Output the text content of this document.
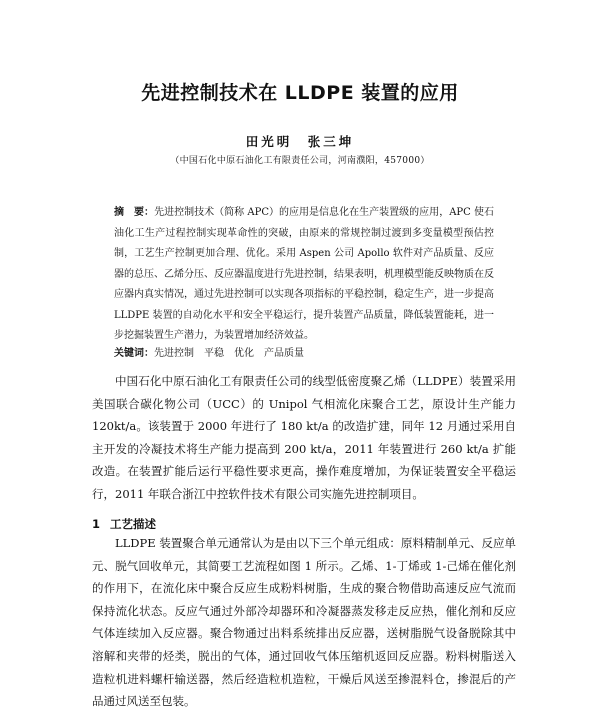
先进控制技术在 LLDPE 装置的应用
田光明　张三坤
（中国石化中原石油化工有限责任公司，河南濮阳，457000）
摘　要：先进控制技术（简称 APC）的应用是信息化在生产装置级的应用，APC 使石油化工生产过程控制实现革命性的突破，由原来的常规控制过渡到多变量模型预估控制，工艺生产控制更加合理、优化。采用 Aspen 公司 Apollo 软件对产品质量、反应器的总压、乙烯分压、反应器温度进行先进控制，结果表明，机理模型能反映物质在反应器内真实情况，通过先进控制可以实现各项指标的平稳控制，稳定生产，进一步提高 LLDPE 装置的自动化水平和安全平稳运行，提升装置产品质量，降低装置能耗，进一步挖掘装置生产潜力，为装置增加经济效益。
关键词：先进控制　平稳　优化　产品质量

中国石化中原石油化工有限责任公司的线型低密度聚乙烯（LLDPE）装置采用美国联合碳化物公司（UCC）的 Unipol 气相流化床聚合工艺，原设计生产能力 120kt/a。该装置于 2000 年进行了 180 kt/a 的改造扩建，同年 12 月通过采用自主开发的冷凝技术将生产能力提高到 200 kt/a，2011 年装置进行 260 kt/a 扩能改造。在装置扩能后运行平稳性要求更高，操作难度增加，为保证装置安全平稳运行，2011 年联合浙江中控软件技术有限公司实施先进控制项目。

1 工艺描述

LLDPE 装置聚合单元通常认为是由以下三个单元组成：原料精制单元、反应单元、脱气回收单元，其简要工艺流程如图 1 所示。乙烯、1-丁烯或 1-己烯在催化剂的作用下，在流化床中聚合反应生成粉料树脂，生成的聚合物借助高速反应气流而保持流化状态。反应气通过外部冷却器环和冷凝器蒸发移走反应热，催化剂和反应气体连续加入反应器。聚合物通过出料系统排出反应器，送树脂脱气设备脱除其中溶解和夹带的烃类，脱出的气体，通过回收气体压缩机返回反应器。粉料树脂送入造粒机进料螺杆输送器，然后经造粒机造粒，干燥后风送至掺混料仓，掺混后的产品通过风送至包装。
